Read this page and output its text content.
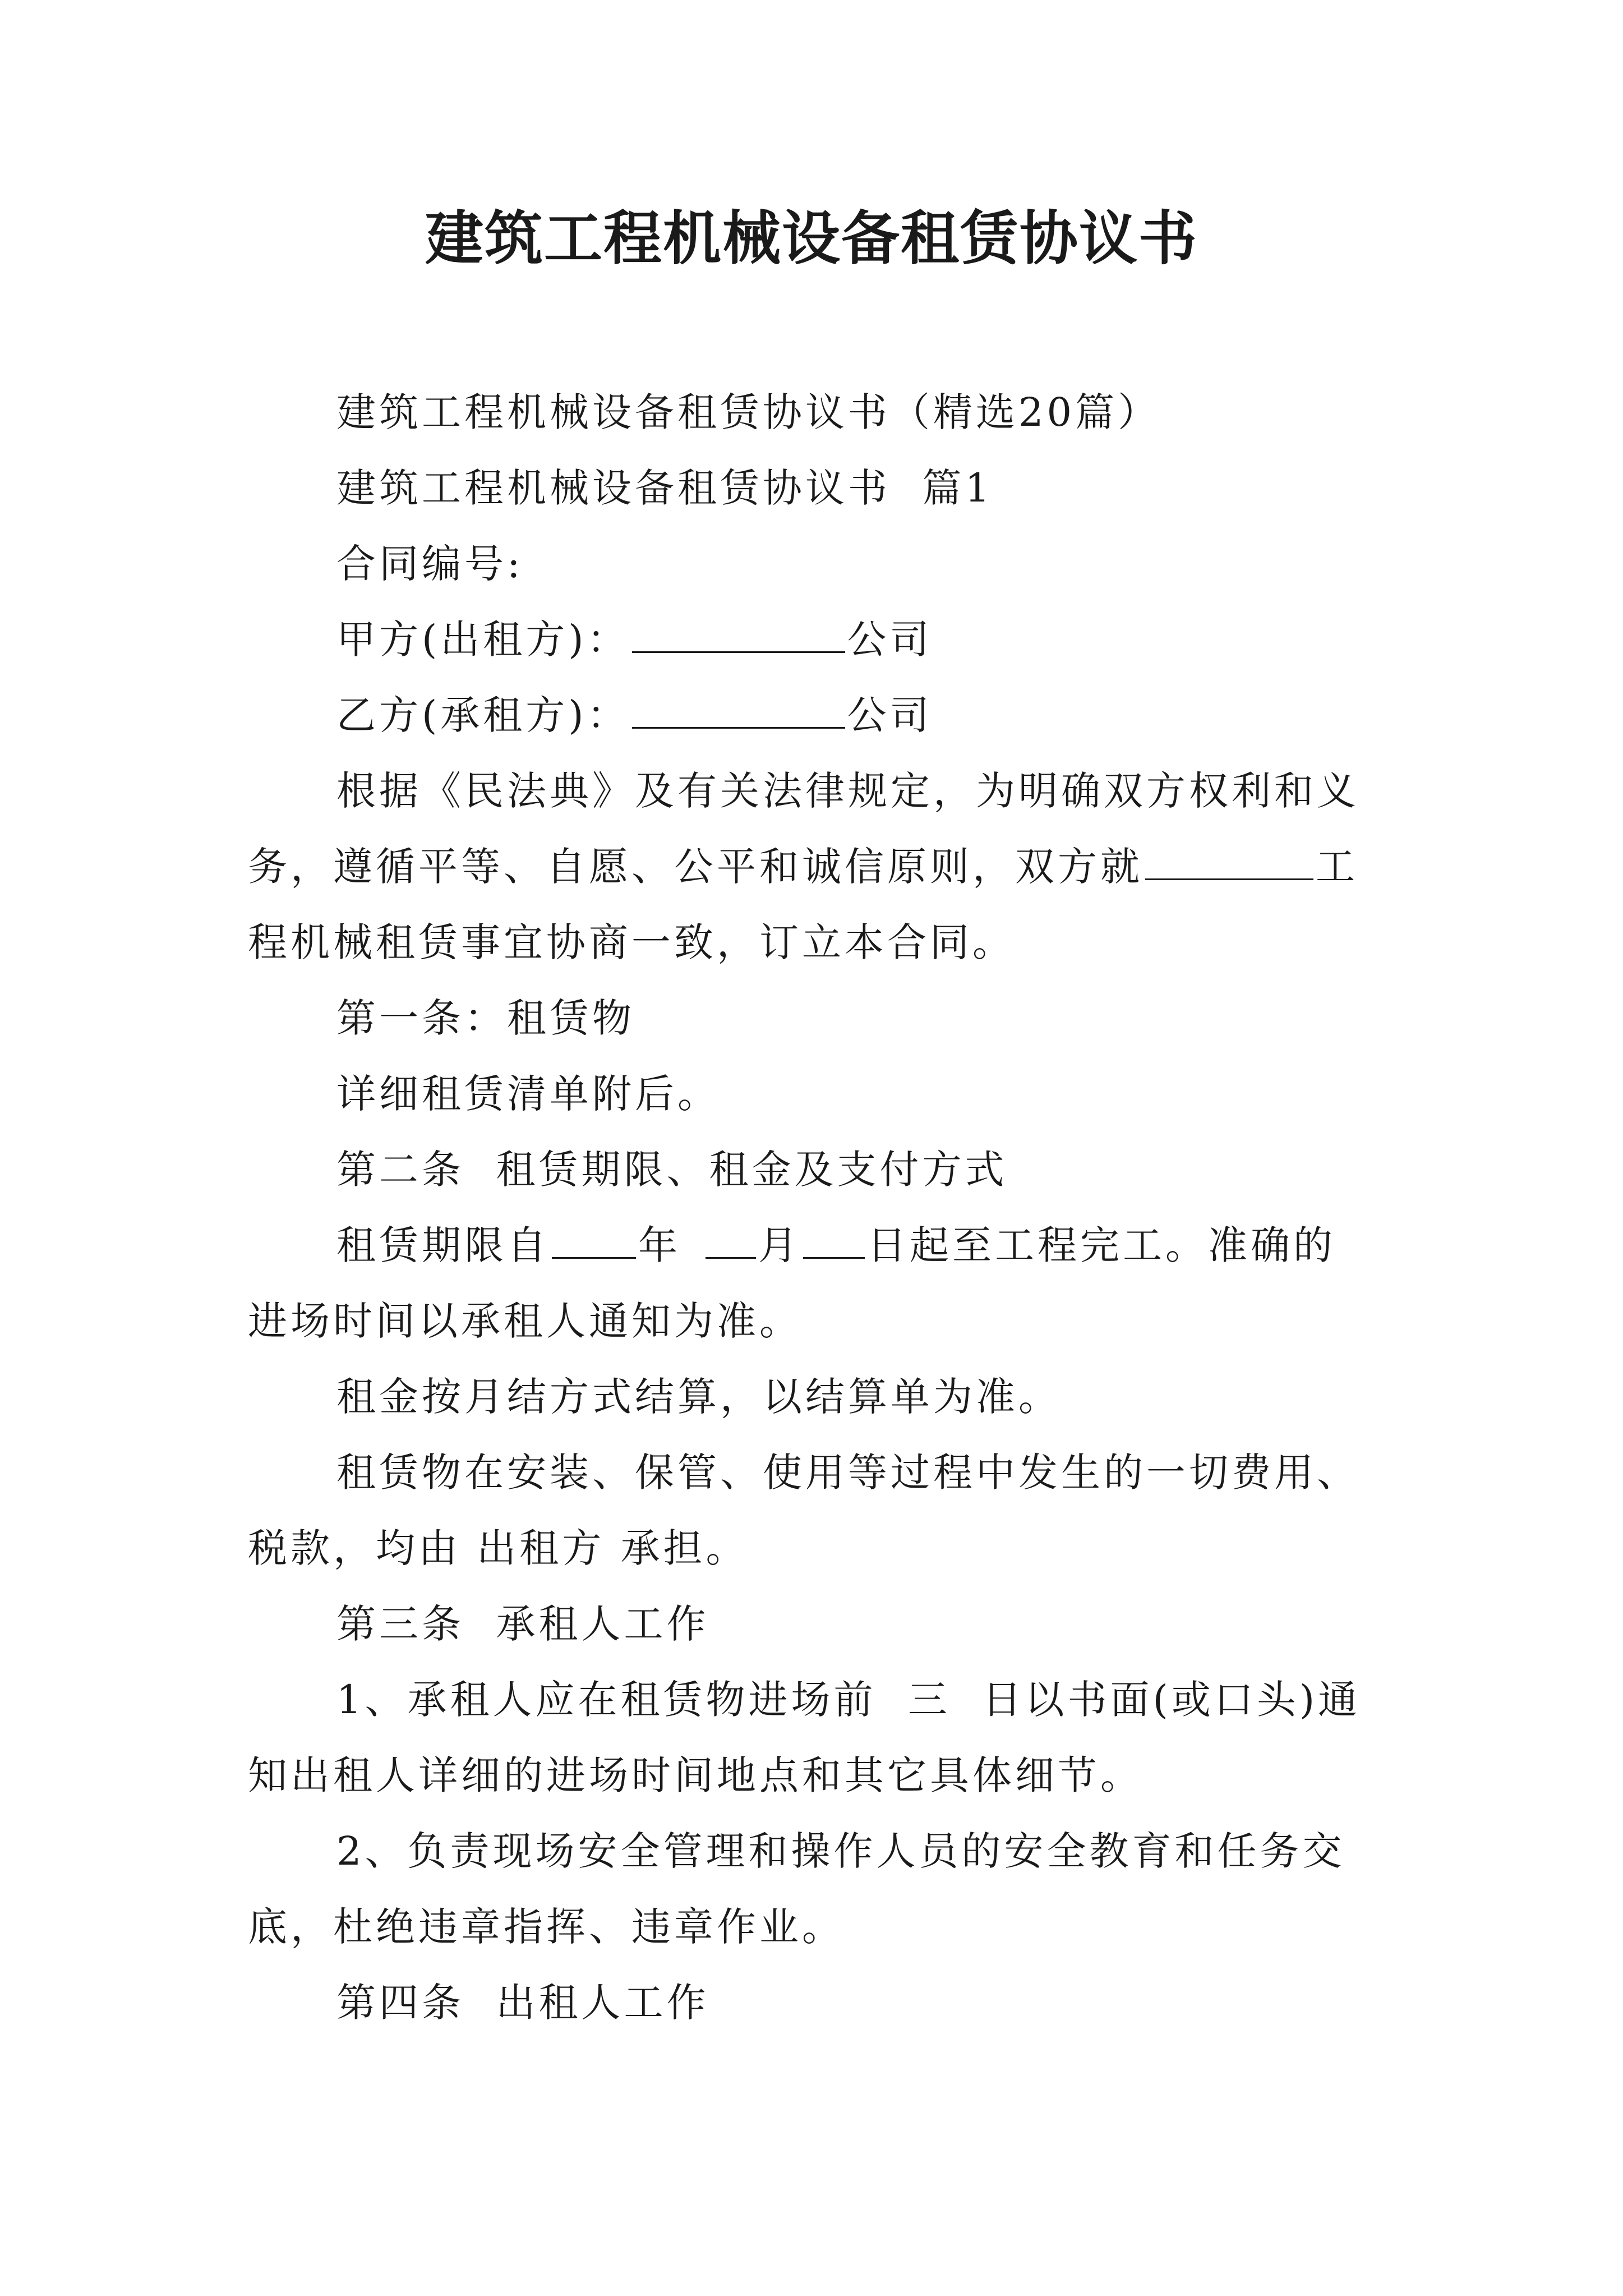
建筑工程机械设备租赁协议书
建筑工程机械设备租赁协议书（精选20篇）
建筑工程机械设备租赁协议书  篇1
合同编号:
甲方(出租方)：	公司
乙方(承租方)：	公司
根据《民法典》及有关法律规定，为明确双方权利和义
务，遵循平等、自愿、公平和诚信原则，双方就	工
程机械租赁事宜协商一致，订立本合同。
第一条：租赁物
详细租赁清单附后。
第二条  租赁期限、租金及支付方式
租赁期限自 年 月 日起至工程完工。准确的
进场时间以承租人通知为准。
租金按月结方式结算，以结算单为准。
租赁物在安装、保管、使用等过程中发生的一切费用、
税款，均由 出租方 承担。
第三条  承租人工作
1、承租人应在租赁物进场前  三  日以书面(或口头)通
知出租人详细的进场时间地点和其它具体细节。
2、负责现场安全管理和操作人员的安全教育和任务交
底，杜绝违章指挥、违章作业。
第四条  出租人工作
